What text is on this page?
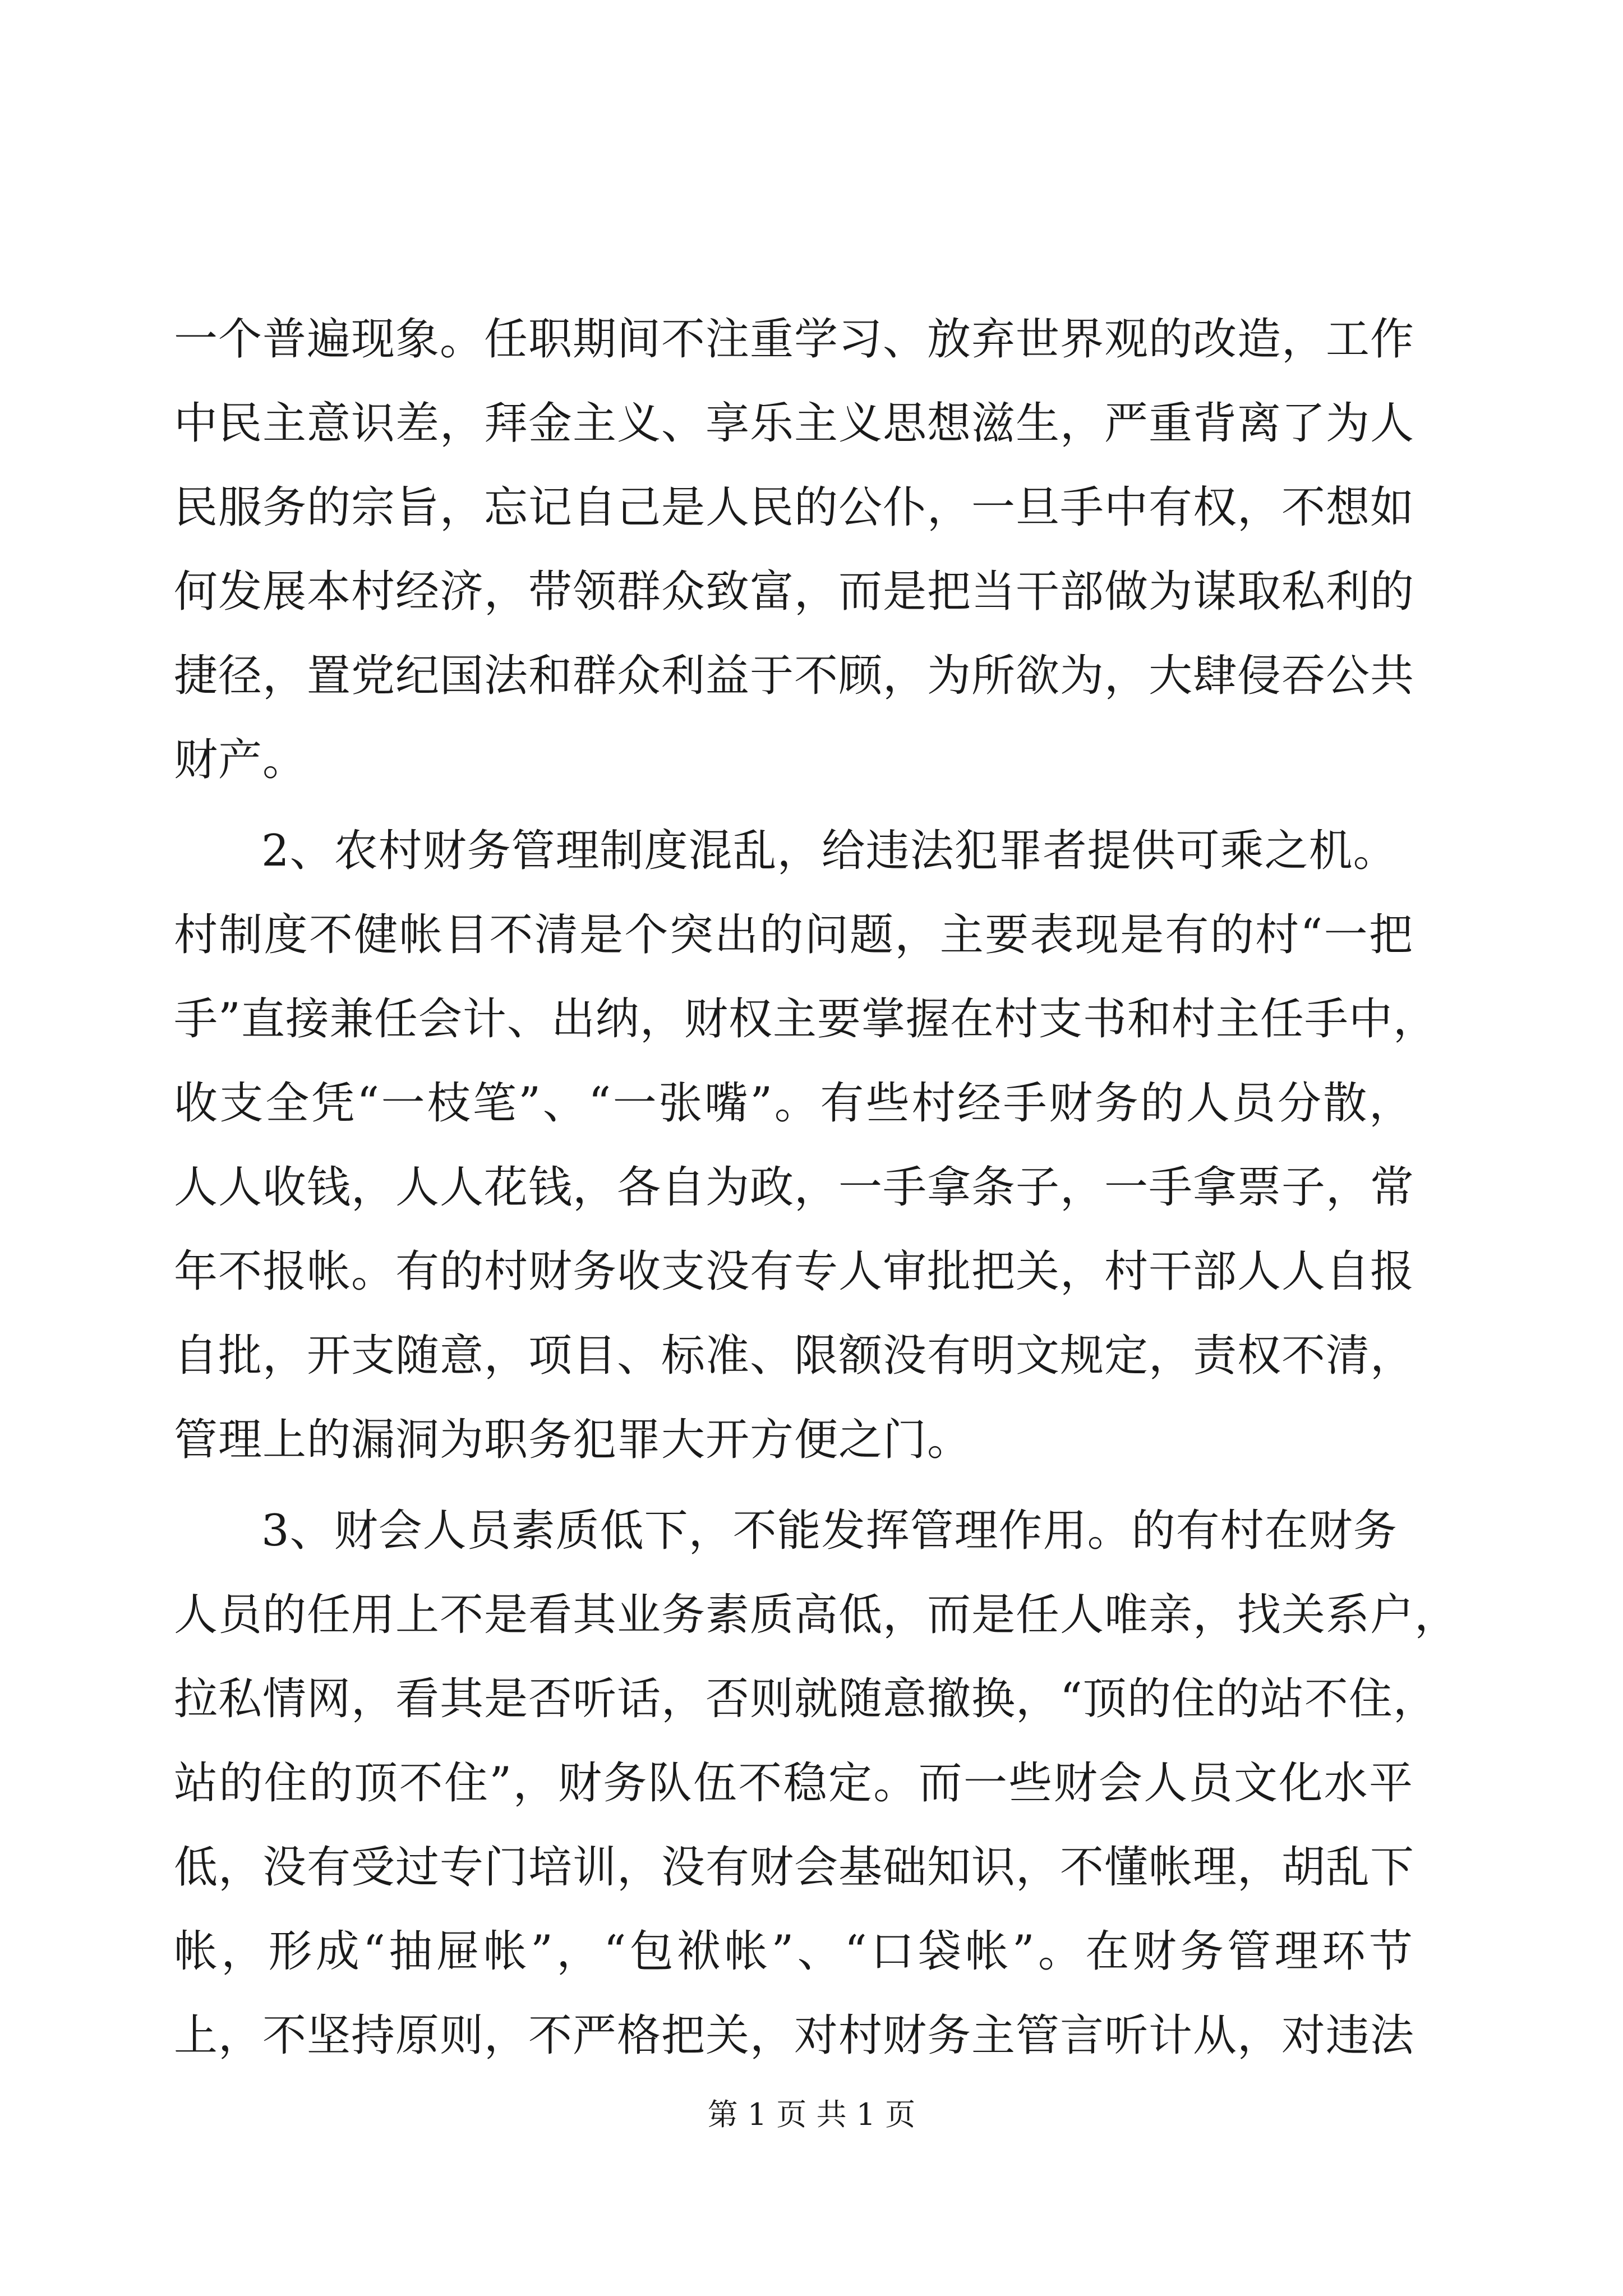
一个普遍现象。任职期间不注重学习、放弃世界观的改造，工作
中民主意识差，拜金主义、享乐主义思想滋生，严重背离了为人
民服务的宗旨，忘记自己是人民的公仆，一旦手中有权，不想如
何发展本村经济，带领群众致富，而是把当干部做为谋取私利的
捷径，置党纪国法和群众利益于不顾，为所欲为，大肆侵吞公共
财产。
2、农村财务管理制度混乱，给违法犯罪者提供可乘之机。
村制度不健帐目不清是个突出的问题，主要表现是有的村“一把
手”直接兼任会计、出纳，财权主要掌握在村支书和村主任手中，
收支全凭“一枝笔”、“一张嘴”。有些村经手财务的人员分散，
人人收钱，人人花钱，各自为政，一手拿条子，一手拿票子，常
年不报帐。有的村财务收支没有专人审批把关，村干部人人自报
自批，开支随意，项目、标准、限额没有明文规定，责权不清，
管理上的漏洞为职务犯罪大开方便之门。
3、财会人员素质低下，不能发挥管理作用。的有村在财务
人员的任用上不是看其业务素质高低，而是任人唯亲，找关系户，
拉私情网，看其是否听话，否则就随意撤换，“顶的住的站不住，
站的住的顶不住”，财务队伍不稳定。而一些财会人员文化水平
低，没有受过专门培训，没有财会基础知识，不懂帐理，胡乱下
帐，形成“抽屉帐”，“包袱帐”、“口袋帐”。在财务管理环节
上，不坚持原则，不严格把关，对村财务主管言听计从，对违法
第 1 页 共 1 页
